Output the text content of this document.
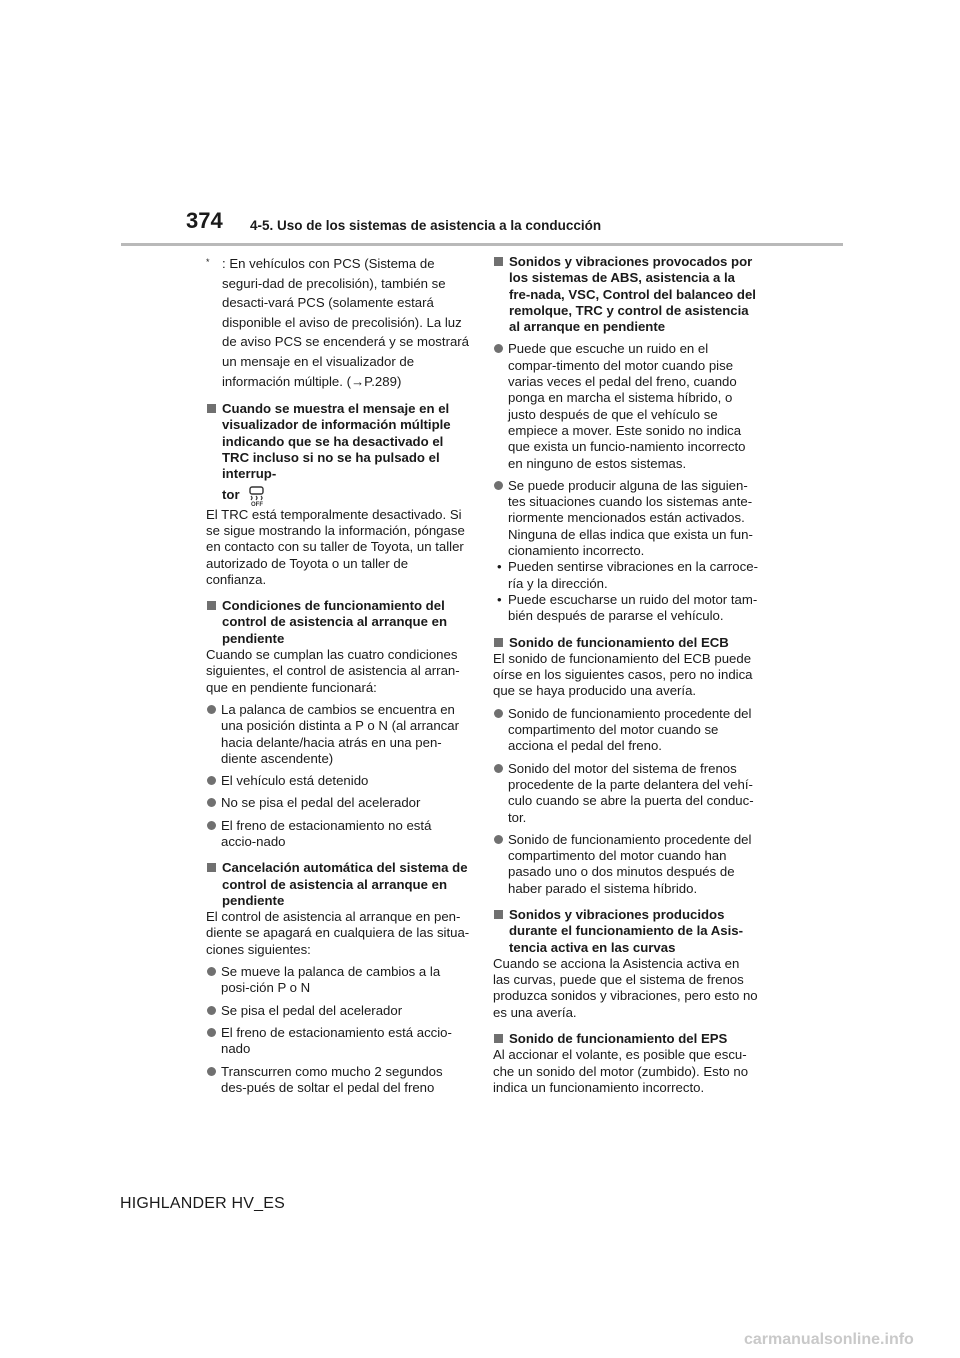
374 4-5. Uso de los sistemas de asistencia a la conducción
* : En vehículos con PCS (Sistema de seguri-dad de precolisión), también se desacti-vará PCS (solamente estará disponible el aviso de precolisión). La luz de aviso PCS se encenderá y se mostrará un mensaje en el visualizador de información múltiple. (→P.289)
Cuando se muestra el mensaje en el visualizador de información múltiple indicando que se ha desactivado el TRC incluso si no se ha pulsado el interrup-
tor
OFF

El TRC está temporalmente desactivado. Si se sigue mostrando la información, póngase en contacto con su taller de Toyota, un taller autorizado de Toyota o un taller de confianza.

Condiciones de funcionamiento del control de asistencia al arranque en pendiente

Cuando se cumplan las cuatro condiciones siguientes, el control de asistencia al arran-que en pendiente funcionará:

La palanca de cambios se encuentra en una posición distinta a P o N (al arrancar hacia delante/hacia atrás en una pen-diente ascendente)
El vehículo está detenido
No se pisa el pedal del acelerador
El freno de estacionamiento no está accio-nado
Cancelación automática del sistema de control de asistencia al arranque en pendiente

El control de asistencia al arranque en pen-diente se apagará en cualquiera de las situa-ciones siguientes:

Se mueve la palanca de cambios a la posi-ción P o N
Se pisa el pedal del acelerador
El freno de estacionamiento está accio-nado
Transcurren como mucho 2 segundos des-pués de soltar el pedal del freno
Sonidos y vibraciones provocados por los sistemas de ABS, asistencia a la fre-nada, VSC, Control del balanceo del remolque, TRC y control de asistencia al arranque en pendiente
Puede que escuche un ruido en el compar-timento del motor cuando pise varias veces el pedal del freno, cuando ponga en marcha el sistema híbrido, o justo después de que el vehículo se empiece a mover. Este sonido no indica que exista un funcio-namiento incorrecto en ninguno de estos sistemas.
Se puede producir alguna de las siguien-tes situaciones cuando los sistemas ante-riormente mencionados están activados. Ninguna de ellas indica que exista un fun-cionamiento incorrecto.
• Pueden sentirse vibraciones en la carroce-ría y la dirección.
• Puede escucharse un ruido del motor tam-bién después de pararse el vehículo.
Sonido de funcionamiento del ECB

El sonido de funcionamiento del ECB puede oírse en los siguientes casos, pero no indica que se haya producido una avería.

Sonido de funcionamiento procedente del compartimento del motor cuando se acciona el pedal del freno.
Sonido del motor del sistema de frenos procedente de la parte delantera del vehí-culo cuando se abre la puerta del conduc-tor.
Sonido de funcionamiento procedente del compartimento del motor cuando han pasado uno o dos minutos después de haber parado el sistema híbrido.
Sonidos y vibraciones producidos durante el funcionamiento de la Asis-tencia activa en las curvas

Cuando se acciona la Asistencia activa en las curvas, puede que el sistema de frenos produzca sonidos y vibraciones, pero esto no es una avería.

Sonido de funcionamiento del EPS

Al accionar el volante, es posible que escu-che un sonido del motor (zumbido). Esto no indica un funcionamiento incorrecto.

HIGHLANDER HV_ES
carmanualsonline.info
